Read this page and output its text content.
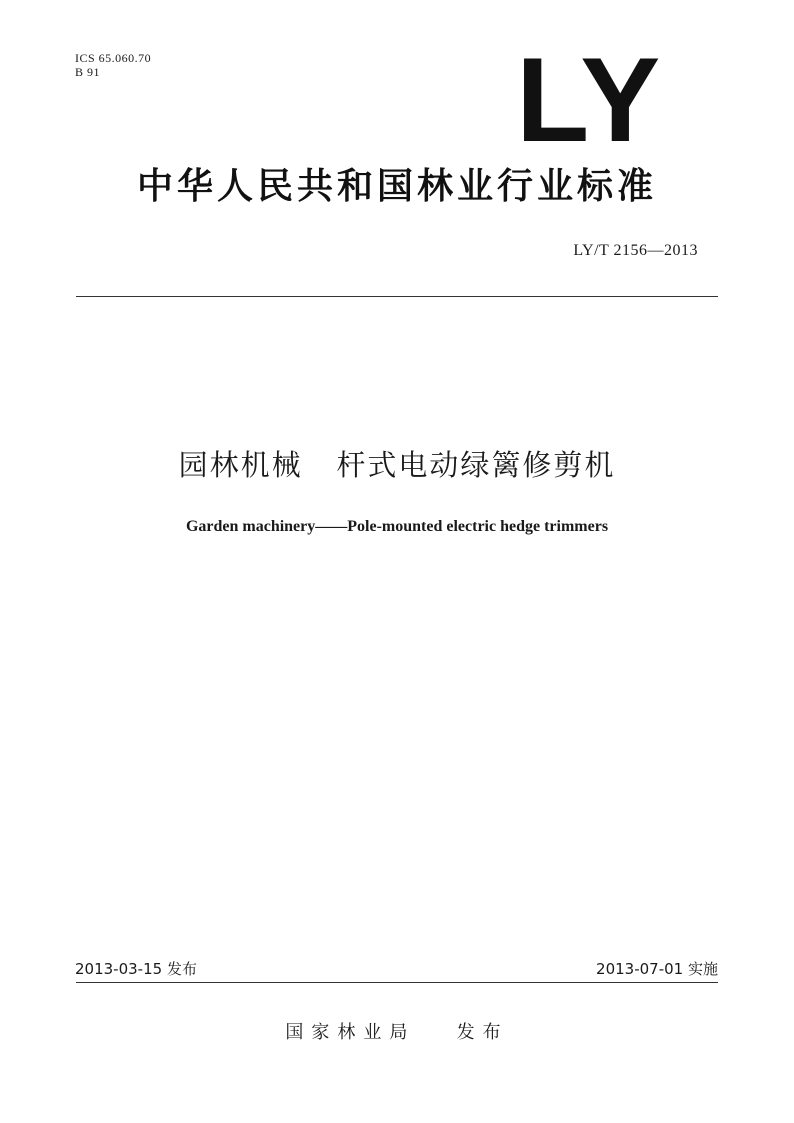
ICS 65.060.70
B 91	LY
中华人民共和国林业行业标准
LY/T 2156—2013
园林机械   杆式电动绿篱修剪机
Garden machinery——Pole-mounted electric hedge trimmers
2013-03-15 发布	2013-07-01 实施
国家林业局   发布
